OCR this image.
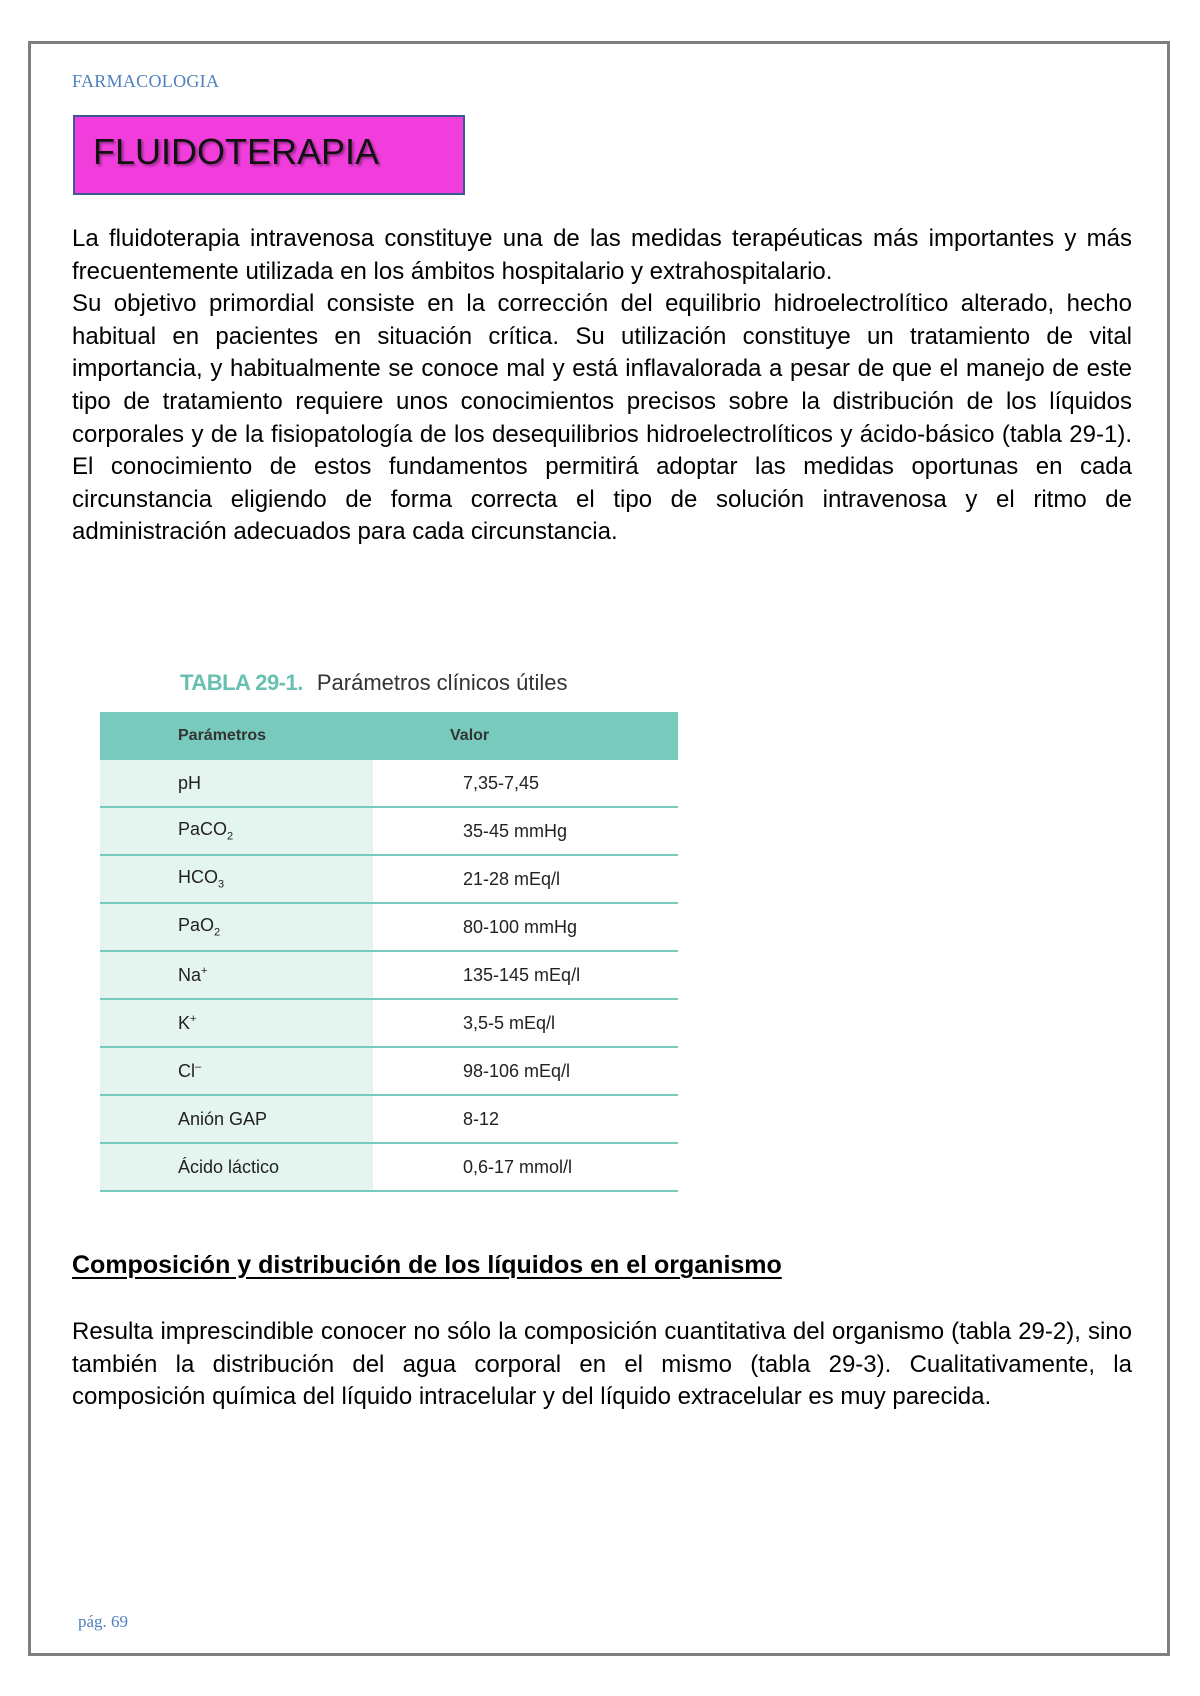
FARMACOLOGIA
FLUIDOTERAPIA

La fluidoterapia intravenosa constituye una de las medidas terapéuticas más importantes y más frecuentemente utilizada en los ámbitos hospitalario y extrahospitalario.

Su objetivo primordial consiste en la corrección del equilibrio hidroelectrolítico alterado, hecho habitual en pacientes en situación crítica. Su utilización constituye un tratamiento de vital importancia, y habitualmente se conoce mal y está inflavalorada a pesar de que el manejo de este tipo de tratamiento requiere unos conocimientos precisos sobre la distribución de los líquidos corporales y de la fisiopatología de los desequilibrios hidroelectrolíticos y ácido-básico (tabla 29-1). El conocimiento de estos fundamentos permitirá adoptar las medidas oportunas en cada circunstancia eligiendo de forma correcta el tipo de solución intravenosa y el ritmo de administración adecuados para cada circunstancia.

TABLA 29-1. Parámetros clínicos útiles
Parámetros	Valor
pH	7,35-7,45
PaCO$_2$	35-45 mmHg
$HCO_3$	21-28 mEq/l
PaO$_2$	80-100 mmHg
Na+	135-145 mEq/l
K+	3,5-5 mEq/l
Cl–	98-106 mEq/l
Anión GAP	8-12
Ácido láctico	0,6-17 mmol/l
Composición y distribución de los líquidos en el organismo

Resulta imprescindible conocer no sólo la composición cuantitativa del organismo (tabla 29-2), sino también la distribución del agua corporal en el mismo (tabla 29-3). Cualitativamente, la composición química del líquido intracelular y del líquido extracelular es muy parecida.

pág. 69
